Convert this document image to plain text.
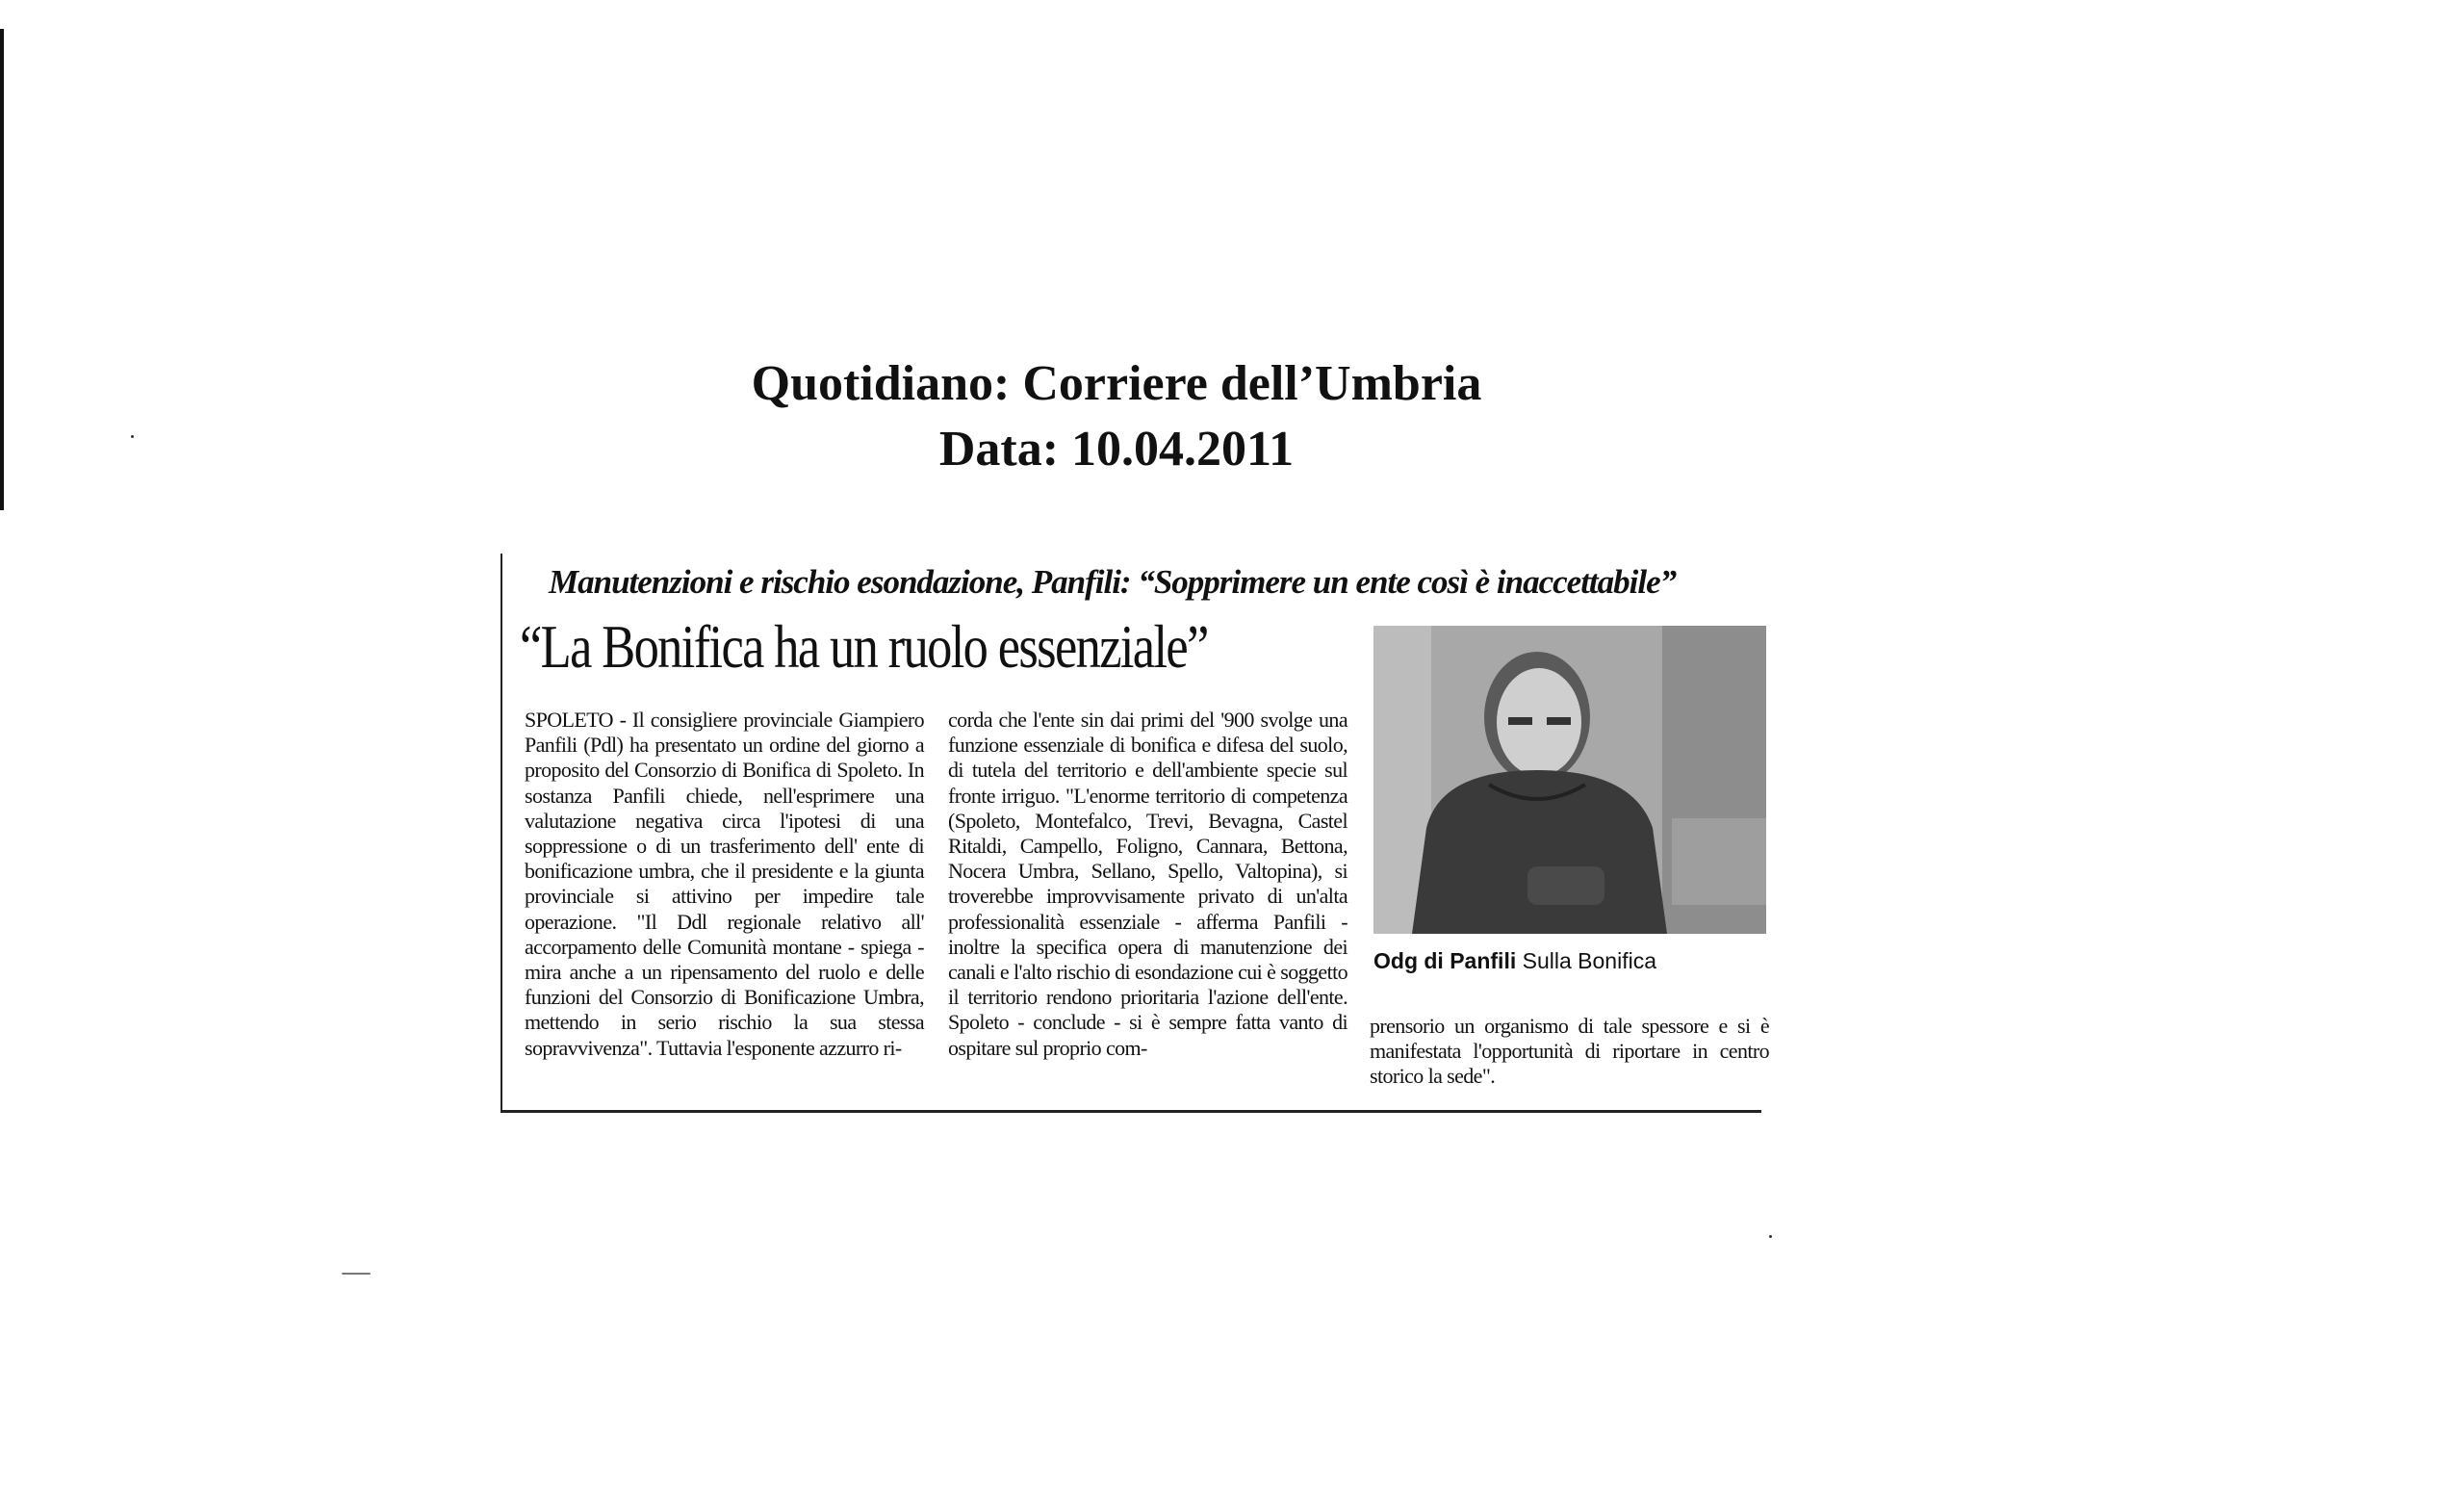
Quotidiano: Corriere dell’Umbria
Data: 10.04.2011
Manutenzioni e rischio esondazione, Panfili: “Sopprimere un ente così è inaccettabile”
“La Bonifica ha un ruolo essenziale”
SPOLETO - Il consigliere provinciale Giampiero Panfili (Pdl) ha presentato un ordine del giorno a proposito del Consorzio di Bonifica di Spoleto. In sostanza Panfili chiede, nell'esprimere una valutazione negativa circa l'ipotesi di una soppressione o di un trasferimento dell' ente di bonificazione umbra, che il presidente e la giunta provinciale si attivino per impedire tale operazione. "Il Ddl regionale relativo all' accorpamento delle Comunità montane - spiega - mira anche a un ripensamento del ruolo e delle funzioni del Consorzio di Bonificazione Umbra, mettendo in serio rischio la sua stessa sopravvivenza". Tuttavia l'esponente azzurro ri-
corda che l'ente sin dai primi del '900 svolge una funzione essenziale di bonifica e difesa del suolo, di tutela del territorio e dell'ambiente specie sul fronte irriguo. "L'enorme territorio di competenza (Spoleto, Montefalco, Trevi, Bevagna, Castel Ritaldi, Campello, Foligno, Cannara, Bettona, Nocera Umbra, Sellano, Spello, Valtopina), si troverebbe improvvisamente privato di un'alta professionalità essenziale - afferma Panfili - inoltre la specifica opera di manutenzione dei canali e l'alto rischio di esondazione cui è soggetto il territorio rendono prioritaria l'azione dell'ente. Spoleto - conclude - si è sempre fatta vanto di ospitare sul proprio com-
Odg di Panfili Sulla Bonifica
prensorio un organismo di tale spessore e si è manifestata l'opportunità di riportare in centro storico la sede".
